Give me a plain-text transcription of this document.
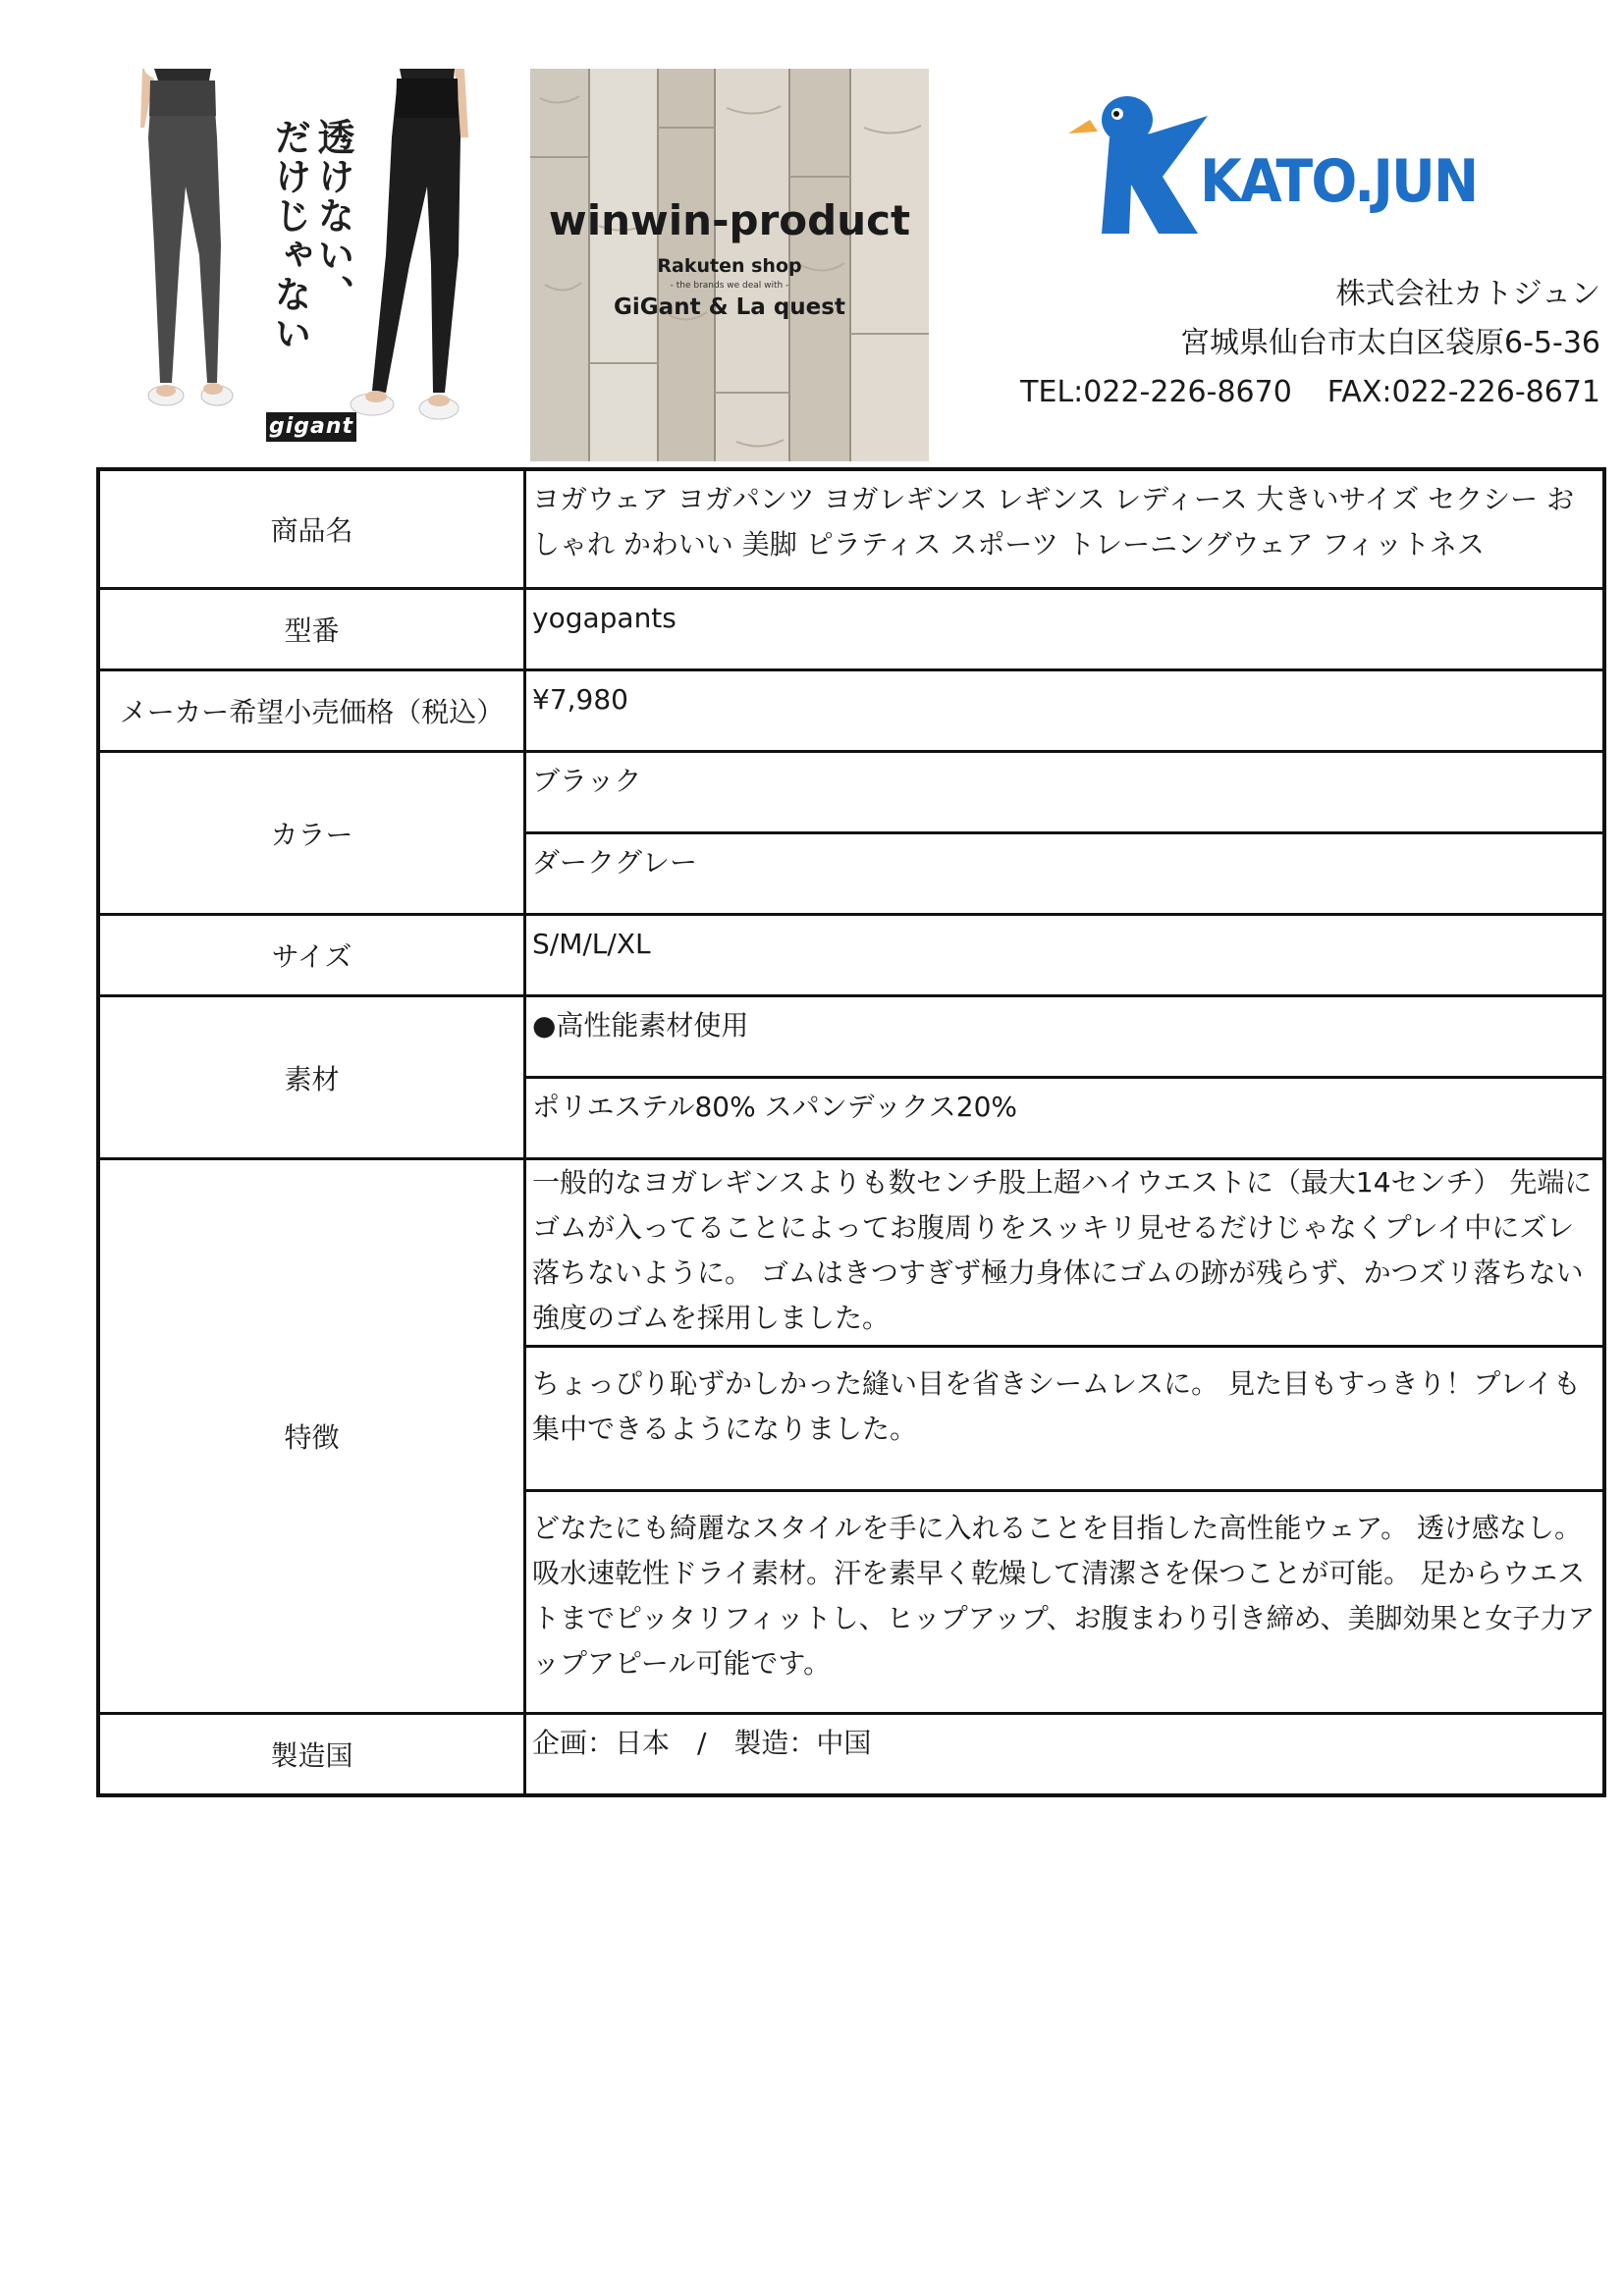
透けない、
だけじゃない
gigant
winwin-product
Rakuten shop
- the brands we deal with -
GiGant & La quest
KATO.JUN
株式会社カトジュン
宮城県仙台市太白区袋原6-5-36
TEL:022-226-8670 FAX:022-226-8671
商品名	ヨガウェア ヨガパンツ ヨガレギンス レギンス レディース 大きいサイズ セクシー おしゃれ かわいい 美脚 ピラティス スポーツ トレーニングウェア フィットネス
型番	yogapants
メーカー希望小売価格（税込）	¥7,980
カラー	ブラック
	ダークグレー
サイズ	S/M/L/XL
素材	●高性能素材使用
	ポリエステル80% スパンデックス20%
特徴	一般的なヨガレギンスよりも数センチ股上超ハイウエストに（最大14センチ） 先端にゴムが入ってることによってお腹周りをスッキリ見せるだけじゃなくプレイ中にズレ落ちないように。 ゴムはきつすぎず極力身体にゴムの跡が残らず、かつズリ落ちない強度のゴムを採用しました。
	ちょっぴり恥ずかしかった縫い目を省きシームレスに。 見た目もすっきり！プレイも集中できるようになりました。
	どなたにも綺麗なスタイルを手に入れることを目指した高性能ウェア。 透け感なし。 吸水速乾性ドライ素材。汗を素早く乾燥して清潔さを保つことが可能。 足からウエストまでピッタリフィットし、ヒップアップ、お腹まわり引き締め、美脚効果と女子力アップアピール可能です。
製造国	企画：日本　/　製造：中国
